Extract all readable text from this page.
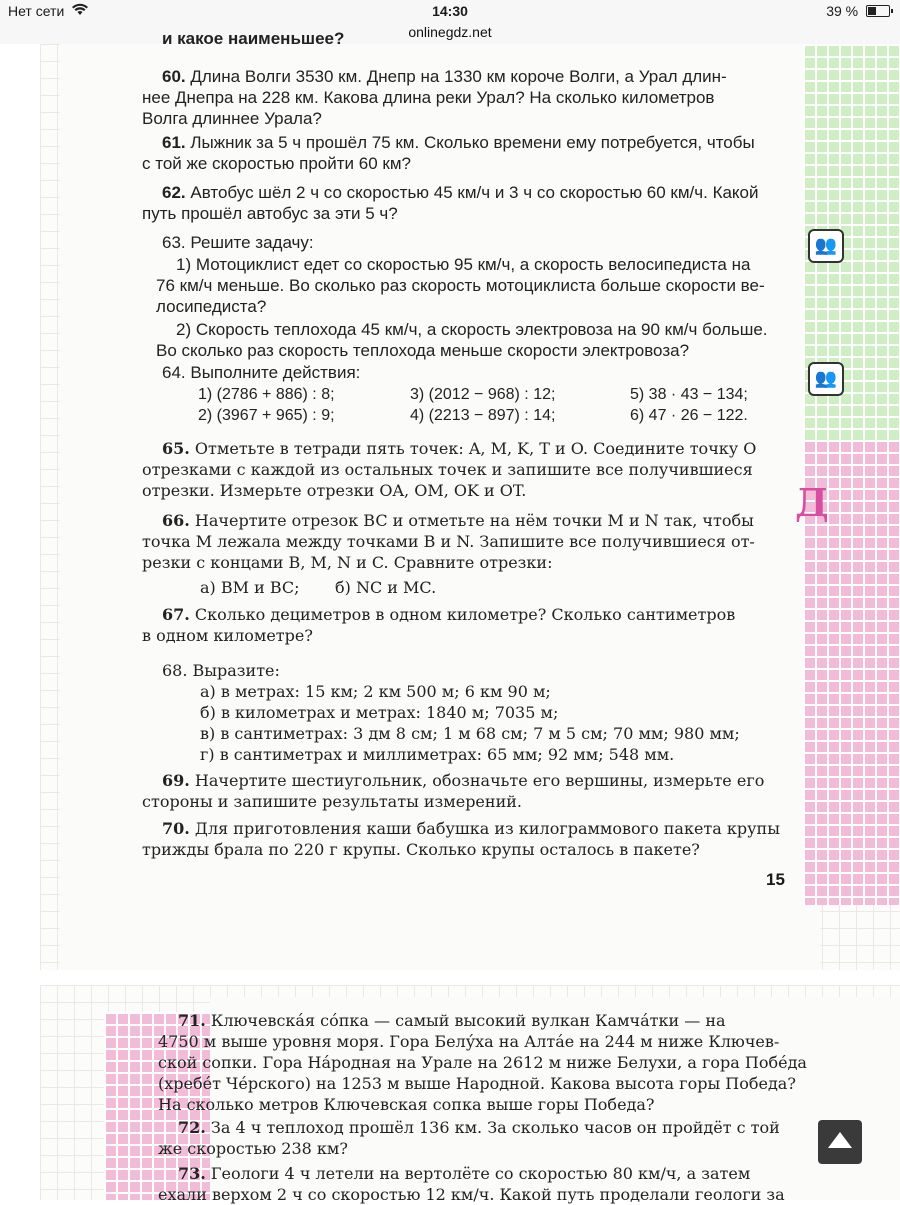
Нет сети	14:30	39 %
onlinegdz.net
Д
👥
👥
и какое наименьшее?
60. Длина Волги 3530 км. Днепр на 1330 км короче Волги, а Урал длин-
нее Днепра на 228 км. Какова длина реки Урал? На сколько километров
Волга длиннее Урала?
61. Лыжник за 5 ч прошёл 75 км. Сколько времени ему потребуется, чтобы
с той же скоростью пройти 60 км?
62. Автобус шёл 2 ч со скоростью 45 км/ч и 3 ч со скоростью 60 км/ч. Какой
путь прошёл автобус за эти 5 ч?
63. Решите задачу:
1) Мотоциклист едет со скоростью 95 км/ч, а скорость велосипедиста на
76 км/ч меньше. Во сколько раз скорость мотоциклиста больше скорости ве-
лосипедиста?
2) Скорость теплохода 45 км/ч, а скорость электровоза на 90 км/ч больше.
Во сколько раз скорость теплохода меньше скорости электровоза?
64. Выполните действия:
1) (2786 + 886) : 8;	3) (2012 − 968) : 12;	5) 38 · 43 − 134;
2) (3967 + 965) : 9;	4) (2213 − 897) : 14;	6) 47 · 26 − 122.
65. Отметьте в тетради пять точек: A, M, K, T и O. Соедините точку O
отрезками с каждой из остальных точек и запишите все получившиеся
отрезки. Измерьте отрезки OA, OM, OK и OT.
66. Начертите отрезок BC и отметьте на нём точки M и N так, чтобы
точка M лежала между точками B и N. Запишите все получившиеся от-
резки с концами B, M, N и C. Сравните отрезки:
а) BM и BC; б) NC и MC.
67. Сколько дециметров в одном километре? Сколько сантиметров
в одном километре?
68. Выразите:
а) в метрах: 15 км; 2 км 500 м; 6 км 90 м;
б) в километрах и метрах: 1840 м; 7035 м;
в) в сантиметрах: 3 дм 8 см; 1 м 68 см; 7 м 5 см; 70 мм; 980 мм;
г) в сантиметрах и миллиметрах: 65 мм; 92 мм; 548 мм.
69. Начертите шестиугольник, обозначьте его вершины, измерьте его
стороны и запишите результаты измерений.
70. Для приготовления каши бабушка из килограммового пакета крупы
трижды брала по 220 г крупы. Сколько крупы осталось в пакете?
15
71. Ключевска́я со́пка — самый высокий вулкан Камча́тки — на
4750 м выше уровня моря. Гора Белу́ха на Алта́е на 244 м ниже Ключев-
ской сопки. Гора На́родная на Урале на 2612 м ниже Белухи, а гора Побе́да
(хребе́т Че́рского) на 1253 м выше Народной. Какова высота горы Победа?
На сколько метров Ключевская сопка выше горы Победа?
72. За 4 ч теплоход прошёл 136 км. За сколько часов он пройдёт с той
же скоростью 238 км?
73. Геологи 4 ч летели на вертолёте со скоростью 80 км/ч, а затем
ехали верхом 2 ч со скоростью 12 км/ч. Какой путь проделали геологи за
